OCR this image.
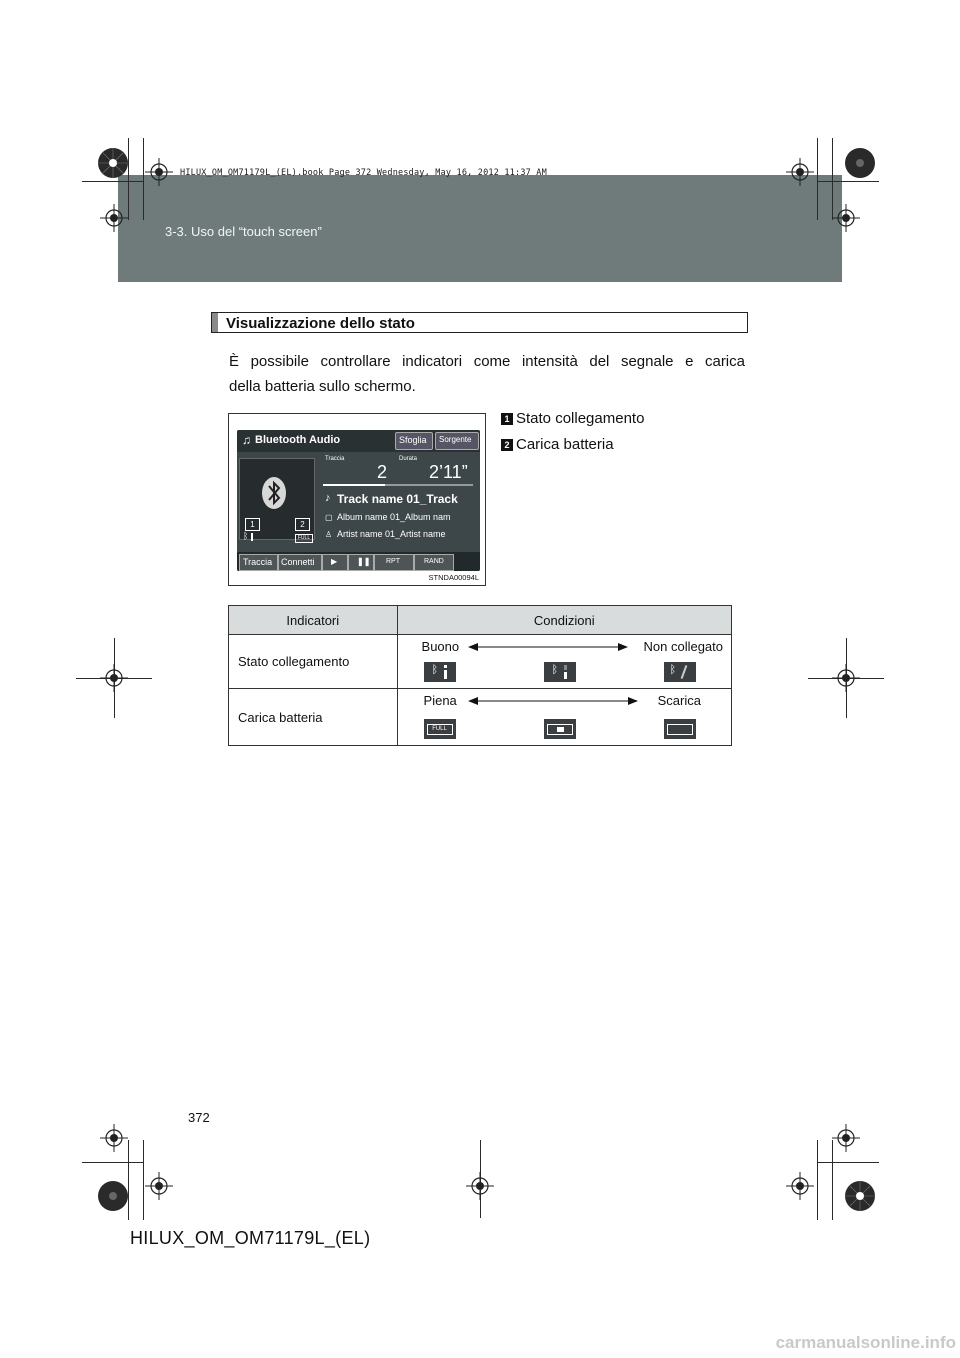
3-3. Uso del “touch screen”
HILUX_OM_OM71179L_(EL).book Page 372 Wednesday, May 16, 2012 11:37 AM
Visualizzazione dello stato
È possibile controllare indicatori come intensità del segnale e carica
della batteria sullo schermo.
1 Stato collegamento
2 Carica batteria
♫ Bluetooth Audio	Sfoglia Sorgente
1	2
ᛒ	FULL
Traccia	Durata
2 2’11”
♪ Track name 01_Track
▢ Album name 01_Album nam
♙ Artist name 01_Artist name
Traccia Connetti ▶ ❚❚ RPT	RAND
STNDA00094L
Indicatori	Condizioni
Stato collegamento	Buono Non collegato
ᛒ ᛒ ᛒ

Carica batteria	Piena Scarica
FULL
372
HILUX_OM_OM71179L_(EL)
carmanualsonline.info
